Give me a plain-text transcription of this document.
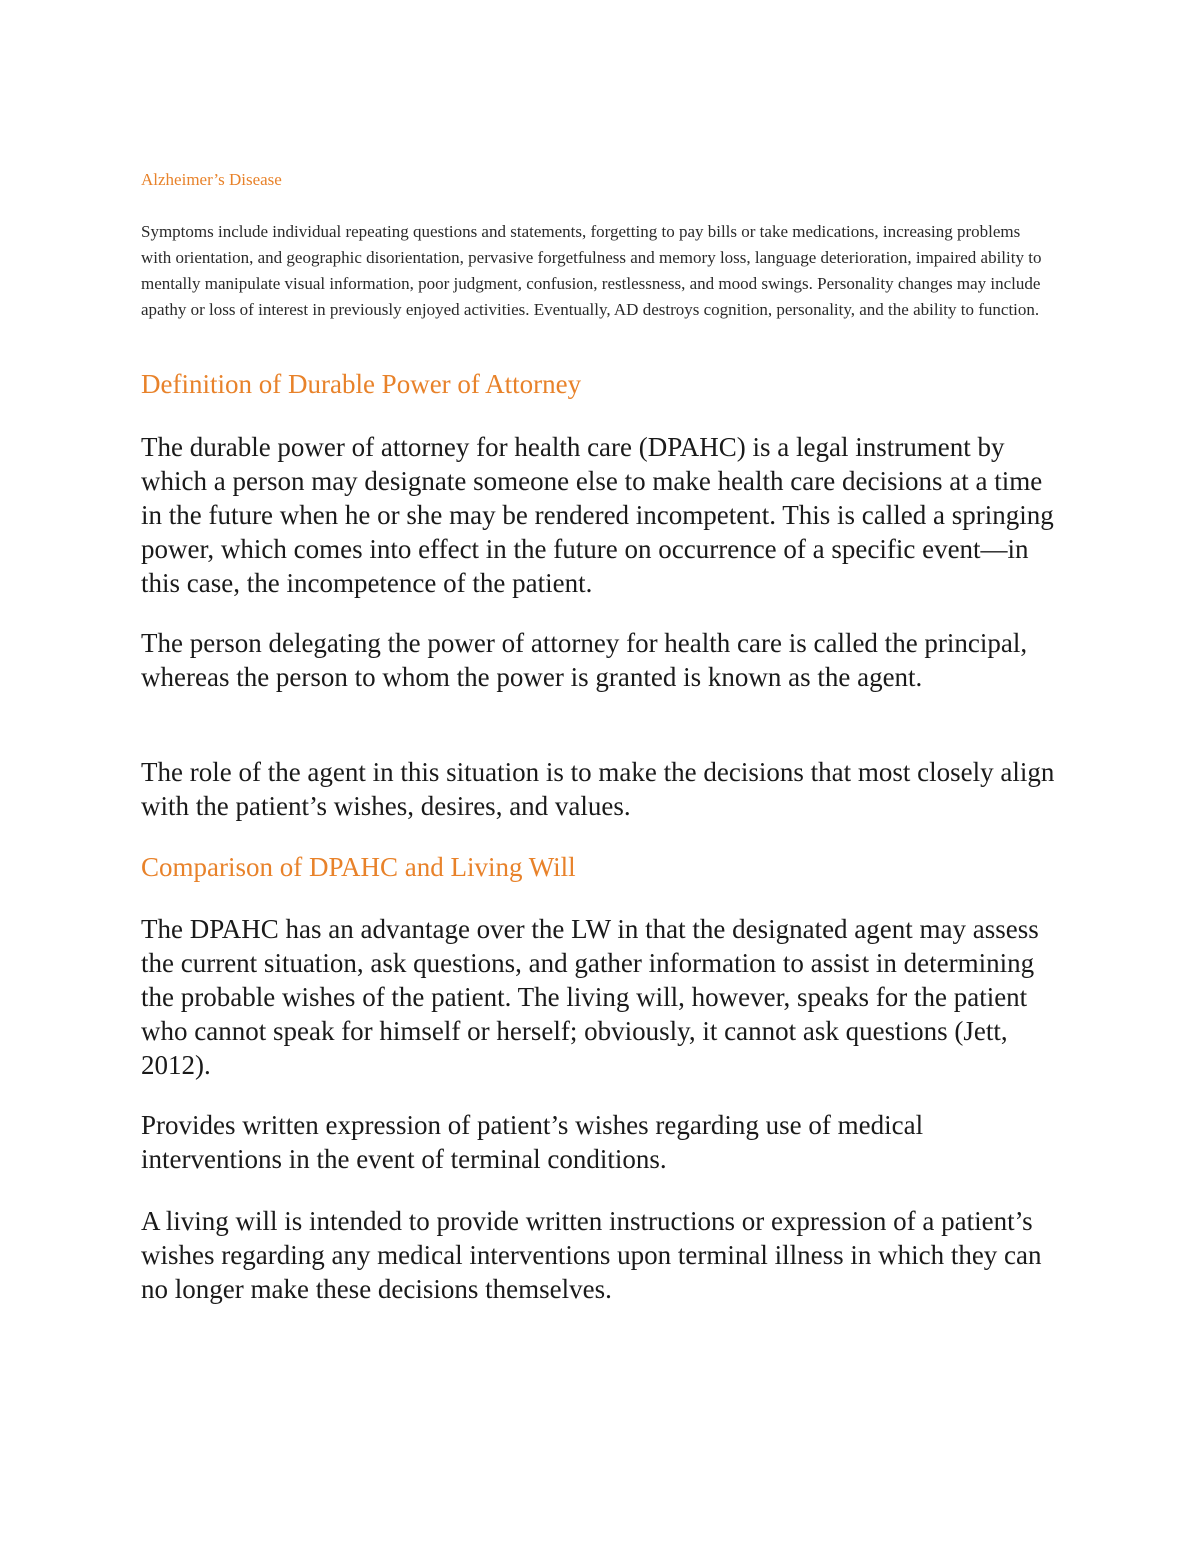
Alzheimer’s Disease

Symptoms include individual repeating questions and statements, forgetting to pay bills or take medications, increasing problems with orientation, and geographic disorientation, pervasive forgetfulness and memory loss, language deterioration, impaired ability to mentally manipulate visual information, poor judgment, confusion, restlessness, and mood swings. Personality changes may include apathy or loss of interest in previously enjoyed activities. Eventually, AD destroys cognition, personality, and the ability to function.

Definition of Durable Power of Attorney

The durable power of attorney for health care (DPAHC) is a legal instrument by which a person may designate someone else to make health care decisions at a time in the future when he or she may be rendered incompetent. This is called a springing power, which comes into effect in the future on occurrence of a specific event—in this case, the incompetence of the patient.

The person delegating the power of attorney for health care is called the principal, whereas the person to whom the power is granted is known as the agent.

The role of the agent in this situation is to make the decisions that most closely align with the patient’s wishes, desires, and values.

Comparison of DPAHC and Living Will

The DPAHC has an advantage over the LW in that the designated agent may assess the current situation, ask questions, and gather information to assist in determining the probable wishes of the patient. The living will, however, speaks for the patient who cannot speak for himself or herself; obviously, it cannot ask questions (Jett, 2012).

Provides written expression of patient’s wishes regarding use of medical interventions in the event of terminal conditions.

A living will is intended to provide written instructions or expression of a patient’s wishes regarding any medical interventions upon terminal illness in which they can no longer make these decisions themselves.
